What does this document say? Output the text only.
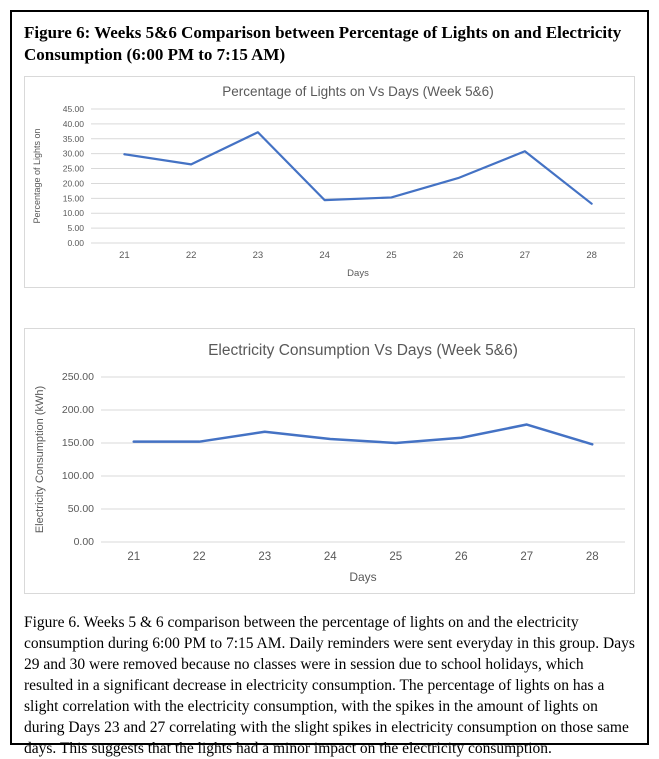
Figure 6: Weeks 5&6 Comparison between Percentage of Lights on and Electricity Consumption (6:00 PM to 7:15 AM)
Percentage of Lights on Vs Days (Week 5&6)
0.00
5.00
10.00
15.00
20.00
25.00
30.00
35.00
40.00
45.00
21	22	23	24	25	26	27	28
Days
Percentage of Lights on
Electricity Consumption Vs Days (Week 5&6)
0.00
50.00
100.00
150.00
200.00
250.00
21	22	23	24	25	26	27	28
Days
Electricity Consumption (kWh)
Figure 6. Weeks 5 & 6 comparison between the percentage of lights on and the electricity consumption during 6:00 PM to 7:15 AM. Daily reminders were sent everyday in this group. Days 29 and 30 were removed because no classes were in session due to school holidays, which resulted in a significant decrease in electricity consumption. The percentage of lights on has a slight correlation with the electricity consumption, with the spikes in the amount of lights on during Days 23 and 27 correlating with the slight spikes in electricity consumption on those same days. This suggests that the lights had a minor impact on the electricity consumption.
